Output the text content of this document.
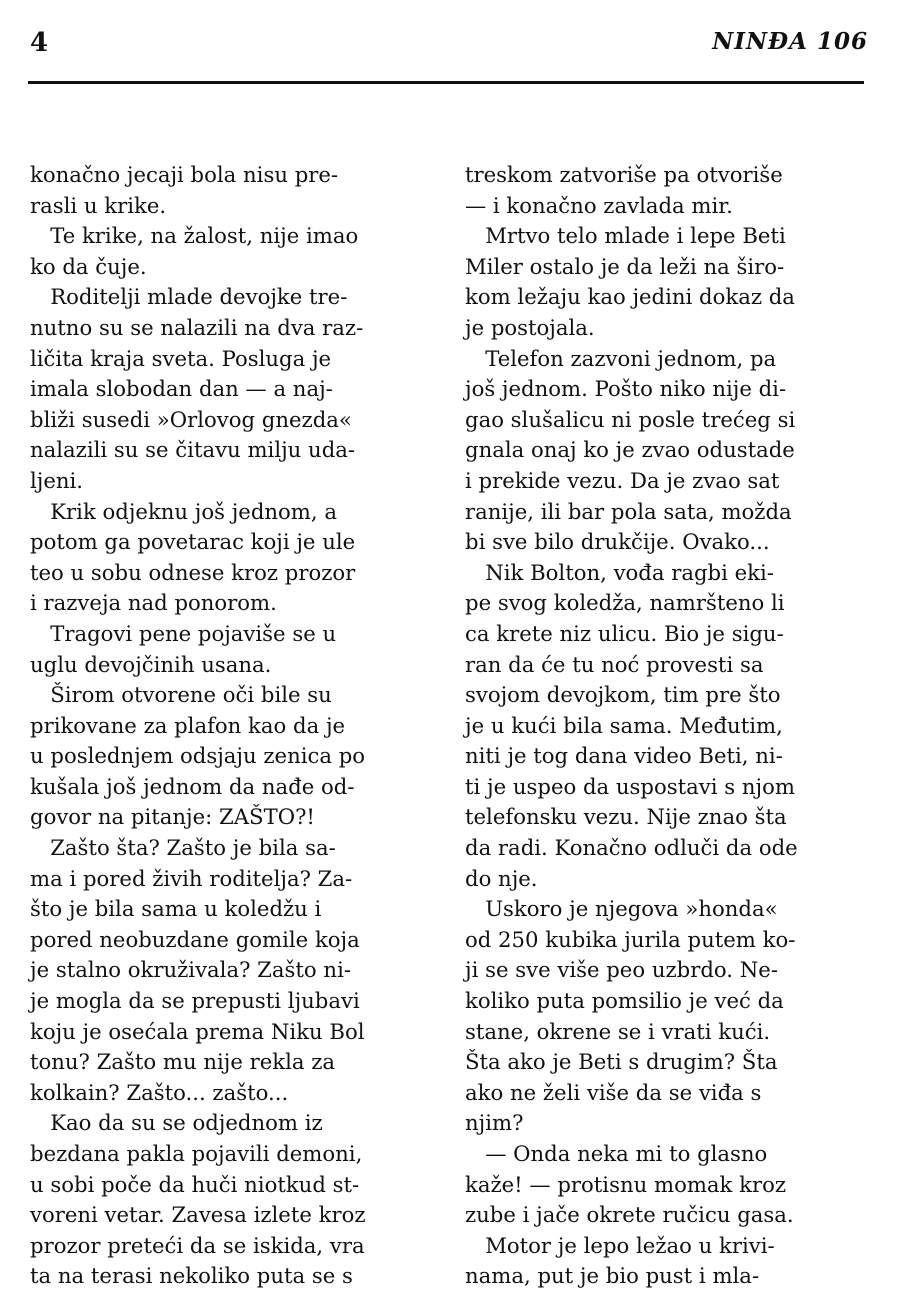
4	NINĐA 106
konačno jecaji bola nisu pre-
rasli u krike.
Te krike, na žalost, nije imao
ko da čuje.
Roditelji mlade devojke tre-
nutno su se nalazili na dva raz-
ličita kraja sveta. Posluga je
imala slobodan dan — a naj-
bliži susedi »Orlovog gnezda«
nalazili su se čitavu milju uda-
ljeni.
Krik odjeknu još jednom, a
potom ga povetarac koji je ule
teo u sobu odnese kroz prozor
i razveja nad ponorom.
Tragovi pene pojaviše se u
uglu devojčinih usana.
Širom otvorene oči bile su
prikovane za plafon kao da je
u poslednjem odsjaju zenica po
kušala još jednom da nađe od-
govor na pitanje: ZAŠTO?!
Zašto šta? Zašto je bila sa-
ma i pored živih roditelja? Za-
što je bila sama u koledžu i
pored neobuzdane gomile koja
je stalno okruživala? Zašto ni-
je mogla da se prepusti ljubavi
koju je osećala prema Niku Bol
tonu? Zašto mu nije rekla za
kolkain? Zašto... zašto...
Kao da su se odjednom iz
bezdana pakla pojavili demoni,
u sobi poče da huči niotkud st-
voreni vetar. Zavesa izlete kroz
prozor preteći da se iskida, vra
ta na terasi nekoliko puta se s
treskom zatvoriše pa otvoriše
— i konačno zavlada mir.
Mrtvo telo mlade i lepe Beti
Miler ostalo je da leži na širo-
kom ležaju kao jedini dokaz da
je postojala.
Telefon zazvoni jednom, pa
još jednom. Pošto niko nije di-
gao slušalicu ni posle trećeg si
gnala onaj ko je zvao odustade
i prekide vezu. Da je zvao sat
ranije, ili bar pola sata, možda
bi sve bilo drukčije. Ovako...
Nik Bolton, vođa ragbi eki-
pe svog koledža, namršteno li
ca krete niz ulicu. Bio je sigu-
ran da će tu noć provesti sa
svojom devojkom, tim pre što
je u kući bila sama. Međutim,
niti je tog dana video Beti, ni-
ti je uspeo da uspostavi s njom
telefonsku vezu. Nije znao šta
da radi. Konačno odluči da ode
do nje.
Uskoro je njegova »honda«
od 250 kubika jurila putem ko-
ji se sve više peo uzbrdo. Ne-
koliko puta pomsilio je već da
stane, okrene se i vrati kući.
Šta ako je Beti s drugim? Šta
ako ne želi više da se viđa s
njim?
— Onda neka mi to glasno
kaže! — protisnu momak kroz
zube i jače okrete ručicu gasa.
Motor je lepo ležao u krivi-
nama, put je bio pust i mla-
